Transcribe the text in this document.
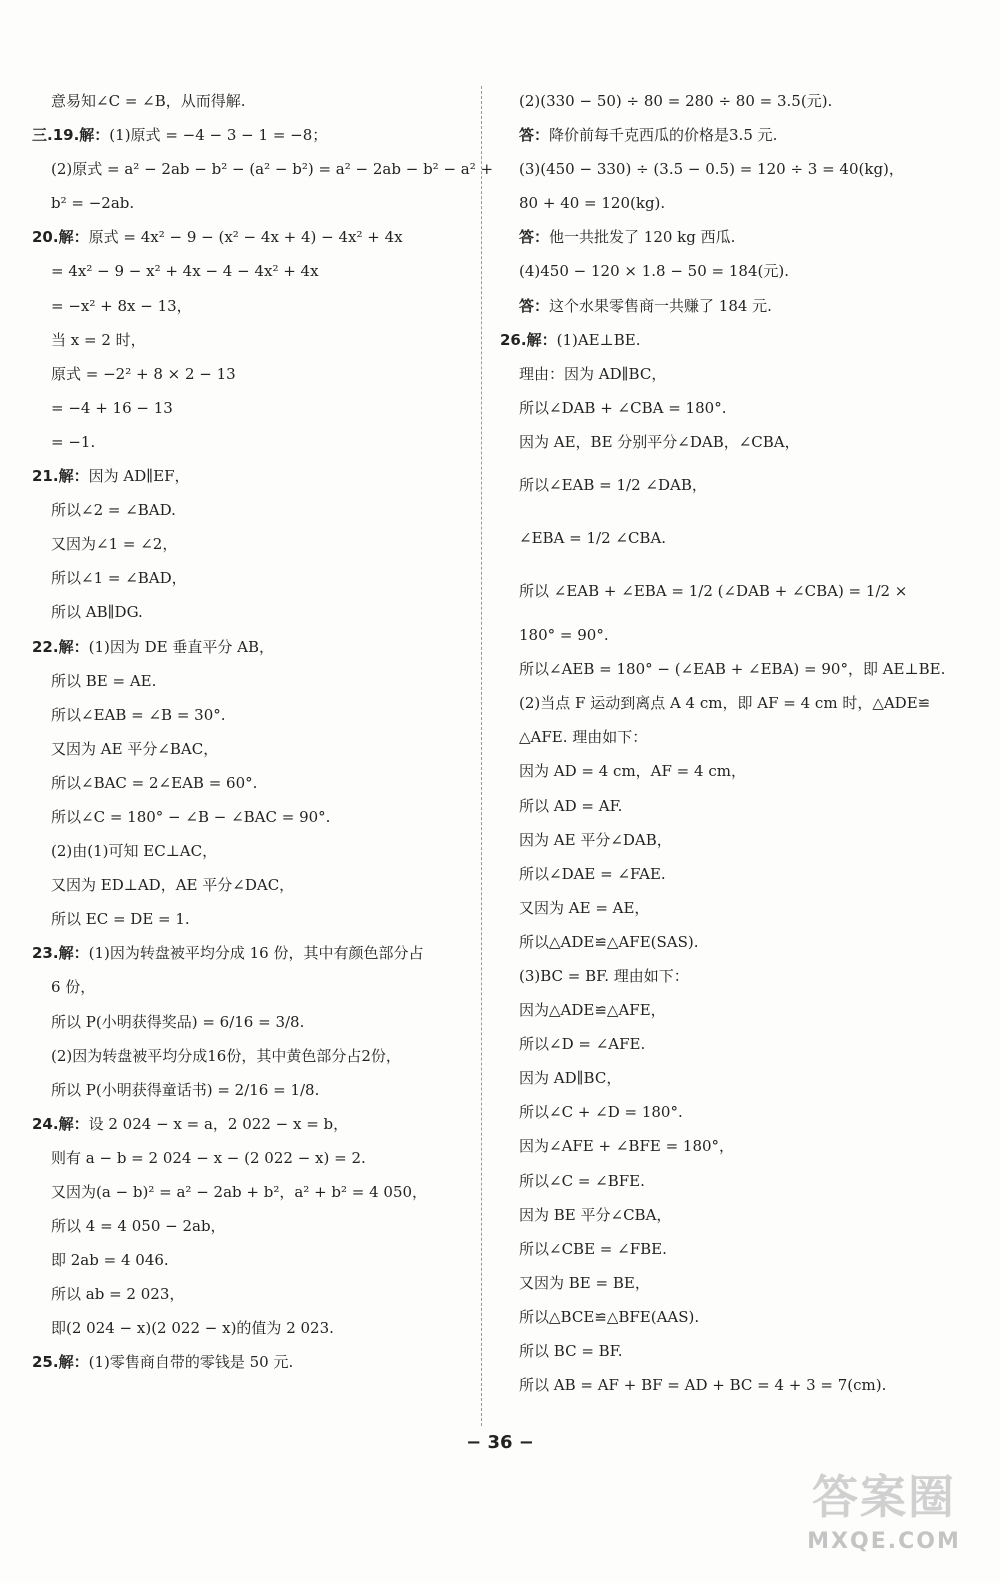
意易知∠C = ∠B，从而得解.
三.19.解：(1)原式 = −4 − 3 − 1 = −8；
(2)原式 = a² − 2ab − b² − (a² − b²) = a² − 2ab − b² − a² +
b² = −2ab.
20.解：原式 = 4x² − 9 − (x² − 4x + 4) − 4x² + 4x
= 4x² − 9 − x² + 4x − 4 − 4x² + 4x
= −x² + 8x − 13，
当 x = 2 时，
原式 = −2² + 8 × 2 − 13
= −4 + 16 − 13
= −1.
21.解：因为 AD∥EF，
所以∠2 = ∠BAD.
又因为∠1 = ∠2，
所以∠1 = ∠BAD，
所以 AB∥DG.
22.解：(1)因为 DE 垂直平分 AB，
所以 BE = AE.
所以∠EAB = ∠B = 30°.
又因为 AE 平分∠BAC，
所以∠BAC = 2∠EAB = 60°.
所以∠C = 180° − ∠B − ∠BAC = 90°.
(2)由(1)可知 EC⊥AC，
又因为 ED⊥AD，AE 平分∠DAC，
所以 EC = DE = 1.
23.解：(1)因为转盘被平均分成 16 份，其中有颜色部分占
6 份，
所以 P(小明获得奖品) = 6/16 = 3/8.
(2)因为转盘被平均分成16份，其中黄色部分占2份，
所以 P(小明获得童话书) = 2/16 = 1/8.
24.解：设 2 024 − x = a，2 022 − x = b，
则有 a − b = 2 024 − x − (2 022 − x) = 2.
又因为(a − b)² = a² − 2ab + b²，a² + b² = 4 050，
所以 4 = 4 050 − 2ab，
即 2ab = 4 046.
所以 ab = 2 023，
即(2 024 − x)(2 022 − x)的值为 2 023.
25.解：(1)零售商自带的零钱是 50 元.
(2)(330 − 50) ÷ 80 = 280 ÷ 80 = 3.5(元).
答：降价前每千克西瓜的价格是3.5 元.
(3)(450 − 330) ÷ (3.5 − 0.5) = 120 ÷ 3 = 40(kg)，
80 + 40 = 120(kg).
答：他一共批发了 120 kg 西瓜.
(4)450 − 120 × 1.8 − 50 = 184(元).
答：这个水果零售商一共赚了 184 元.
26.解：(1)AE⊥BE.
理由：因为 AD∥BC，
所以∠DAB + ∠CBA = 180°.
因为 AE，BE 分别平分∠DAB，∠CBA，
所以∠EAB = 1/2 ∠DAB，
∠EBA = 1/2 ∠CBA.
所以 ∠EAB + ∠EBA = 1/2 (∠DAB + ∠CBA) = 1/2 ×
180° = 90°.
所以∠AEB = 180° − (∠EAB + ∠EBA) = 90°，即 AE⊥BE.
(2)当点 F 运动到离点 A 4 cm，即 AF = 4 cm 时，△ADE≌
△AFE. 理由如下：
因为 AD = 4 cm，AF = 4 cm，
所以 AD = AF.
因为 AE 平分∠DAB，
所以∠DAE = ∠FAE.
又因为 AE = AE，
所以△ADE≌△AFE(SAS).
(3)BC = BF. 理由如下：
因为△ADE≌△AFE，
所以∠D = ∠AFE.
因为 AD∥BC，
所以∠C + ∠D = 180°.
因为∠AFE + ∠BFE = 180°，
所以∠C = ∠BFE.
因为 BE 平分∠CBA，
所以∠CBE = ∠FBE.
又因为 BE = BE，
所以△BCE≌△BFE(AAS).
所以 BC = BF.
所以 AB = AF + BF = AD + BC = 4 + 3 = 7(cm).
− 36 −
答案圈
MXQE.COM
